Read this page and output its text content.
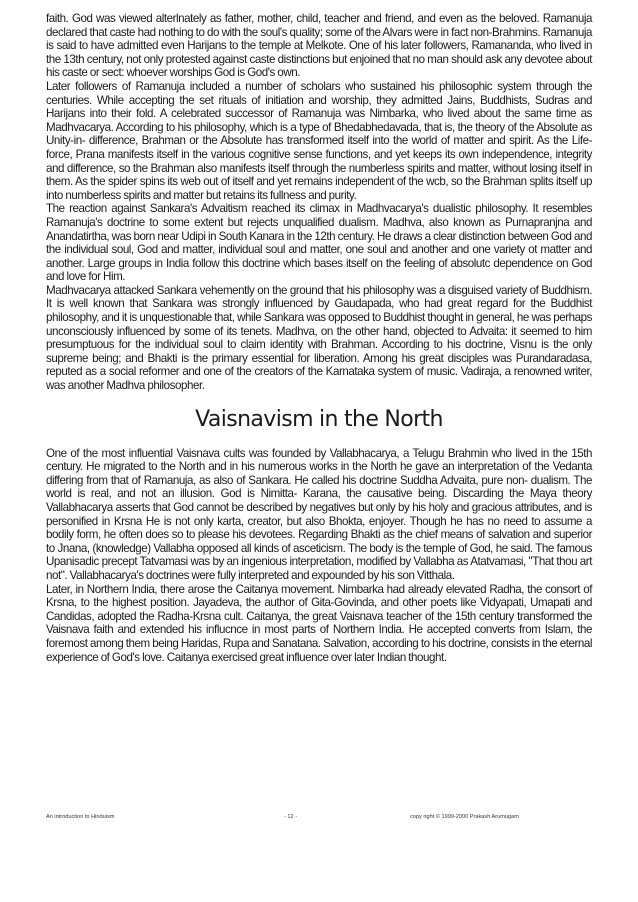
faith. God was viewed alterlnately as father, mother, child, teacher and friend, and even as the beloved. Ramanuja declared that caste had nothing to do with the soul's quality; some of the Alvars were in fact non-Brahmins. Ramanuja is said to have admitted even Harijans to the temple at Melkote. One of his later followers, Ramananda, who lived in the 13th century, not only protested against caste distinctions but enjoined that no man should ask any devotee about his caste or sect: whoever worships God is God's own.

Later followers of Ramanuja included a number of scholars who sustained his philosophic system through the centuries. While accepting the set rituals of initiation and worship, they admitted Jains, Buddhists, Sudras and Harijans into their fold. A celebrated successor of Ramanuja was Nimbarka, who lived about the same time as Madhvacarya. According to his philosophy, which is a type of Bhedabhedavada, that is, the theory of the Absolute as Unity-in- difference, Brahman or the Absolute has transformed itself into the world of matter and spirit. As the Life-force, Prana manifests itself in the various cognitive sense functions, and yet keeps its own independence, integrity and difference, so the Brahman also manifests itself through the numberless spirits and matter, without losing itself in them. As the spider spins its web out of itself and yet remains independent of the wcb, so the Brahman splits itself up into numberless spirits and matter but retains its fullness and purity.

The reaction against Sankara's Advaitism reached its climax in Madhvacarya's dualistic philosophy. It resembles Ramanuja's doctrine to some extent but rejects unqualified dualism. Madhva, also known as Purnapranjna and Anandatirtha, was born near Udipi in South Kanara in the 12th century. He draws a clear distinction between God and the individual soul, God and matter, individual soul and matter, one soul and another and one variety ot matter and another. Large groups in India follow this doctrine which bases itself on the feeling of absolutc dependence on God and love for Him.

Madhvacarya attacked Sankara vehemently on the ground that his philosophy was a disguised variety of Buddhism. It is well known that Sankara was strongly influenced by Gaudapada, who had great regard for the Buddhist philosophy, and it is unquestionable that, while Sankara was opposed to Buddhist thought in general, he was perhaps unconsciously influenced by some of its tenets. Madhva, on the other hand, objected to Advaita: it seemed to him presumptuous for the individual soul to claim identity with Brahman. According to his doctrine, Visnu is the only supreme being; and Bhakti is the primary essential for liberation. Among his great disciples was Purandaradasa, reputed as a social reformer and one of the creators of the Karnataka system of music. Vadiraja, a renowned writer, was another Madhva philosopher.

Vaisnavism in the North

One of the most influential Vaisnava cults was founded by Vallabhacarya, a Telugu Brahmin who lived in the 15th century. He migrated to the North and in his numerous works in the North he gave an interpretation of the Vedanta differing from that of Ramanuja, as also of Sankara. He called his doctrine Suddha Advaita, pure non- dualism. The world is real, and not an illusion. God is Nimitta- Karana, the causative being. Discarding the Maya theory Vallabhacarya asserts that God cannot be described by negatives but only by his holy and gracious attributes, and is personified in Krsna He is not only karta, creator, but also Bhokta, enjoyer. Though he has no need to assume a bodily form, he often does so to please his devotees. Regarding Bhakti as the chief means of salvation and superior to Jnana, (knowledge) Vallabha opposed all kinds of asceticism. The body is the temple of God, he said. The famous Upanisadic precept Tatvamasi was by an ingenious interpretation, modified by Vallabha as Atatvamasi, "That thou art not". Vallabhacarya's doctrines were fully interpreted and expounded by his son Vitthala.

Later, in Northern India, there arose the Caitanya movement. Nimbarka had already elevated Radha, the consort of Krsna, to the highest position. Jayadeva, the author of Gita-Govinda, and other poets like Vidyapati, Umapati and Candidas, adopted the Radha-Krsna cult. Caitanya, the great Vaisnava teacher of the 15th century transformed the Vaisnava faith and extended his influcnce in most parts of Northern India. He accepted converts from Islam, the foremost among them being Haridas, Rupa and Sanatana. Salvation, according to his doctrine, consists in the eternal experience of God's love. Caitanya exercised great influence over later Indian thought.

An introduction to Hinduism	- 12 -	copy right © 1999-2000 Prakash Arumugam
